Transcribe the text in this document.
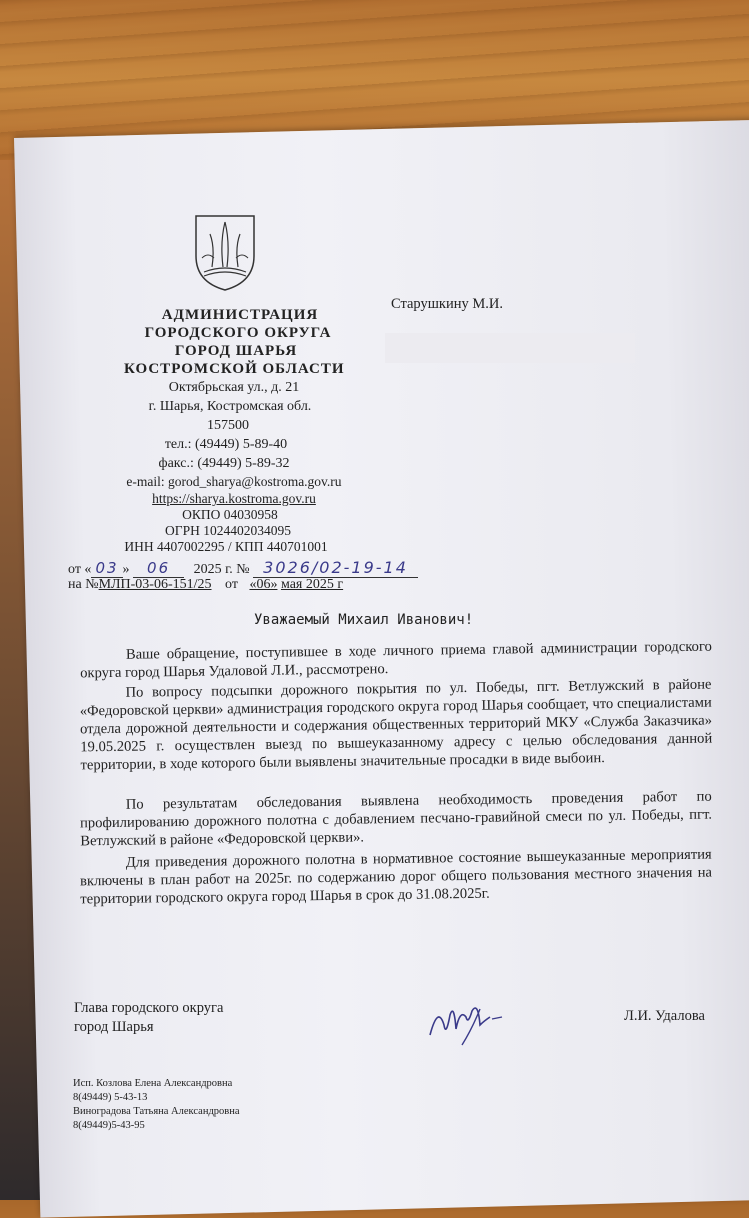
АДМИНИСТРАЦИЯ
ГОРОДСКОГО ОКРУГА
ГОРОД ШАРЬЯ
КОСТРОМСКОЙ ОБЛАСТИ
Октябрьская ул., д. 21
г. Шарья, Костромская обл.
157500
тел.: (49449) 5-89-40
факс.: (49449) 5-89-32
e-mail: gorod_sharya@kostroma.gov.ru
https://sharya.kostroma.gov.ru
ОКПО 04030958
ОГРН 1024402034095
ИНН 4407002295 / КПП 440701001
от « 03 » 06 2025 г. № 3026/02-19-14
на №МЛП-03-06-151/25 от «06» мая 2025 г
Старушкину М.И.
Уважаемый Михаил Иванович!
Ваше обращение, поступившее в ходе личного приема главой администрации городского округа город Шарья Удаловой Л.И., рассмотрено.
По вопросу подсыпки дорожного покрытия по ул. Победы, пгт. Ветлужский в районе «Федоровской церкви» администрация городского округа город Шарья сообщает, что специалистами отдела дорожной деятельности и содержания общественных территорий МКУ «Служба Заказчика» 19.05.2025 г. осуществлен выезд по вышеуказанному адресу с целью обследования данной территории, в ходе которого были выявлены значительные просадки в виде выбоин.
По результатам обследования выявлена необходимость проведения работ по профилированию дорожного полотна с добавлением песчано-гравийной смеси по ул. Победы, пгт. Ветлужский в районе «Федоровской церкви».
Для приведения дорожного полотна в нормативное состояние вышеуказанные мероприятия включены в план работ на 2025г. по содержанию дорог общего пользования местного значения на территории городского округа город Шарья в срок до 31.08.2025г.
Глава городского округа
город Шарья
Л.И. Удалова
Исп. Козлова Елена Александровна
8(49449) 5-43-13
Виноградова Татьяна Александровна
8(49449)5-43-95
